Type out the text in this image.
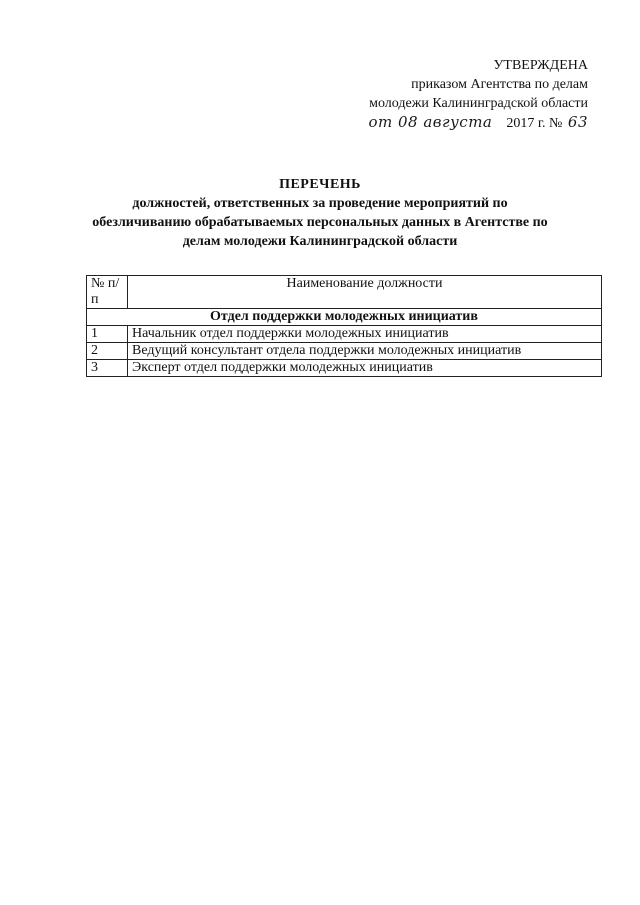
УТВЕРЖДЕНА
приказом Агентства по делам
молодежи Калининградской области
от 08 августа 2017 г. № 63
ПЕРЕЧЕНЬ
должностей, ответственных за проведение мероприятий по
обезличиванию обрабатываемых персональных данных в Агентстве по
делам молодежи Калининградской области
№ п/п	Наименование должности
Отдел поддержки молодежных инициатив	
1	Начальник отдел поддержки молодежных инициатив
2	Ведущий консультант отдела поддержки молодежных инициатив
3	Эксперт отдел поддержки молодежных инициатив
